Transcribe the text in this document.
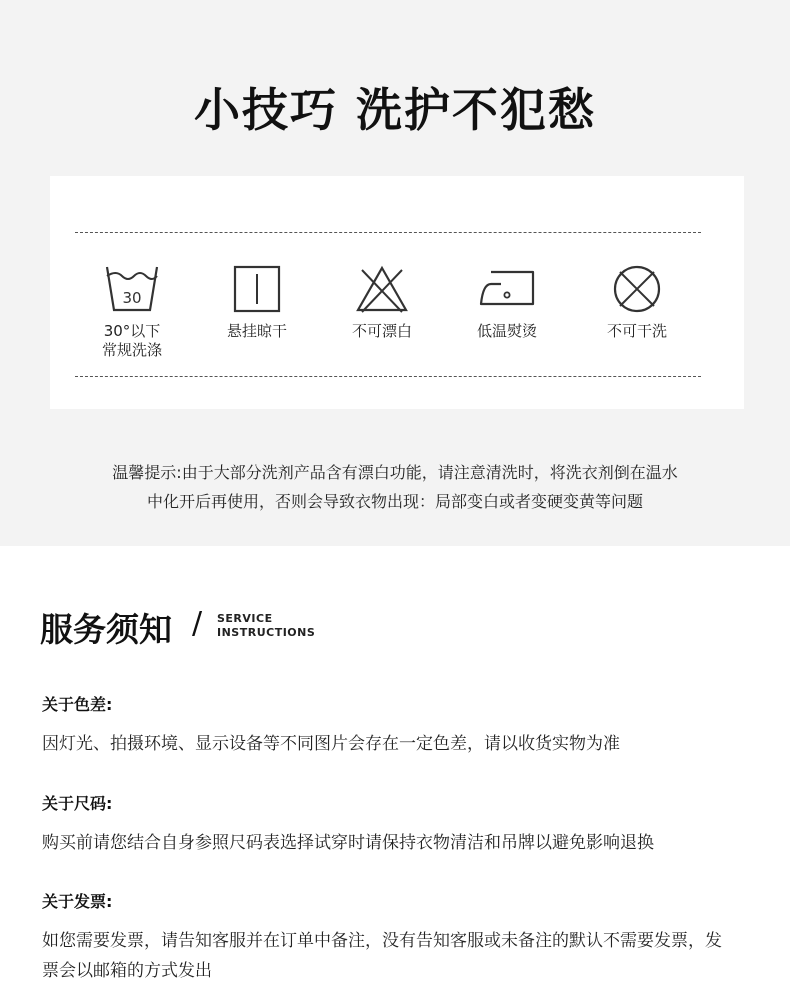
小技巧 洗护不犯愁
30
30°以下
常规洗涤
悬挂晾干	不可漂白	低温熨烫	不可干洗
温馨提示:由于大部分洗剂产品含有漂白功能，请注意清洗时，将洗衣剂倒在温水
中化开后再使用，否则会导致衣物出现：局部变白或者变硬变黄等问题
服务须知 / SERVICE
INSTRUCTIONS
关于色差:
因灯光、拍摄环境、显示设备等不同图片会存在一定色差，请以收货实物为准
关于尺码:
购买前请您结合自身参照尺码表选择试穿时请保持衣物清洁和吊牌以避免影响退换
关于发票:
如您需要发票，请告知客服并在订单中备注，没有告知客服或未备注的默认不需要发票，发票会以邮箱的方式发出
